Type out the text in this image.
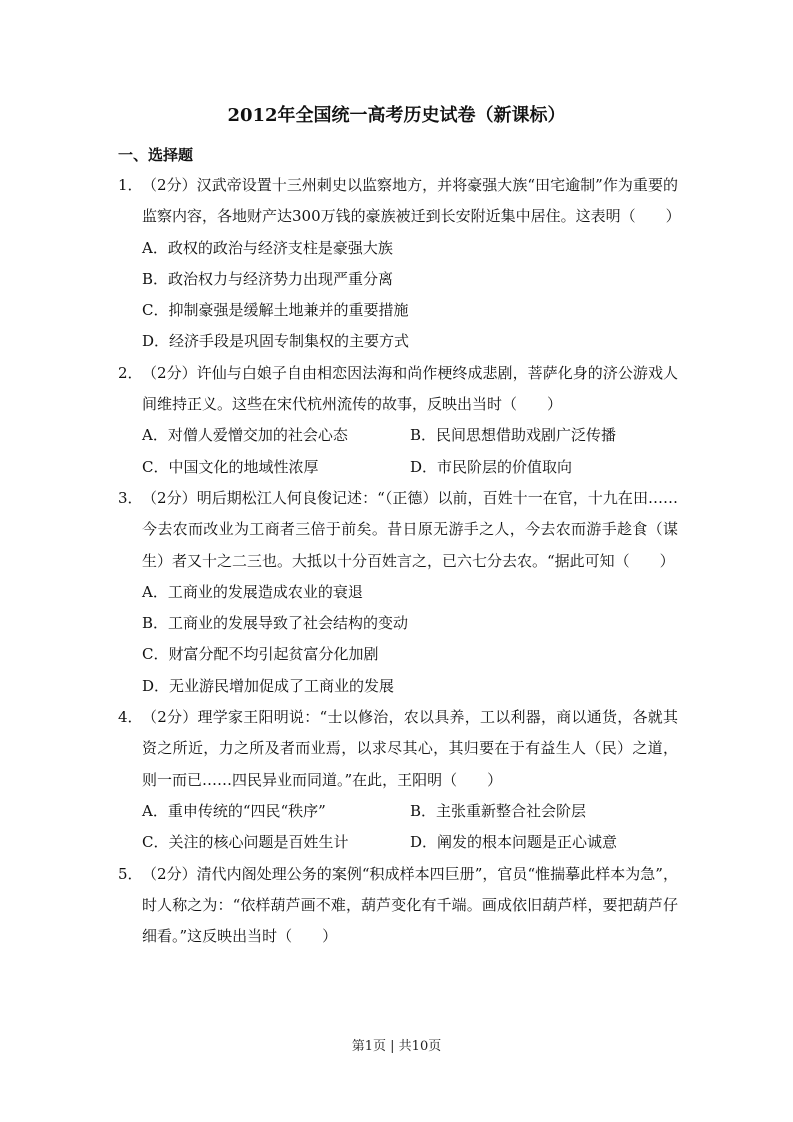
2012年全国统一高考历史试卷（新课标）
一、选择题
1． （2分）汉武帝设置十三州刺史以监察地方，并将豪强大族“田宅逾制”作为重要的监察内容，各地财产达300万钱的豪族被迁到长安附近集中居住。这表明（　　）
A．政权的政治与经济支柱是豪强大族
B．政治权力与经济势力出现严重分离
C．抑制豪强是缓解土地兼并的重要措施
D．经济手段是巩固专制集权的主要方式
2． （2分）许仙与白娘子自由相恋因法海和尚作梗终成悲剧，菩萨化身的济公游戏人间维持正义。这些在宋代杭州流传的故事，反映出当时（　　）
A．对僧人爱憎交加的社会心态	B．民间思想借助戏剧广泛传播
C．中国文化的地域性浓厚	D．市民阶层的价值取向
3． （2分）明后期松江人何良俊记述：“（正德）以前，百姓十一在官，十九在田……今去农而改业为工商者三倍于前矣。昔日原无游手之人，今去农而游手趁食（谋生）者又十之二三也。大抵以十分百姓言之，已六七分去农。“据此可知（　　）
A．工商业的发展造成农业的衰退
B．工商业的发展导致了社会结构的变动
C．财富分配不均引起贫富分化加剧
D．无业游民增加促成了工商业的发展
4． （2分）理学家王阳明说：“士以修治，农以具养，工以利器，商以通货，各就其资之所近，力之所及者而业焉，以求尽其心，其归要在于有益生人（民）之道，则一而已……四民异业而同道。”在此，王阳明（　　）
A．重申传统的“四民“秩序”	B．主张重新整合社会阶层
C．关注的核心问题是百姓生计	D．阐发的根本问题是正心诚意
5． （2分）清代内阁处理公务的案例“积成样本四巨册”，官员“惟揣摹此样本为急”，时人称之为：“依样葫芦画不难，葫芦变化有千端。画成依旧葫芦样，要把葫芦仔细看。”这反映出当时（　　）
第1页 | 共10页
